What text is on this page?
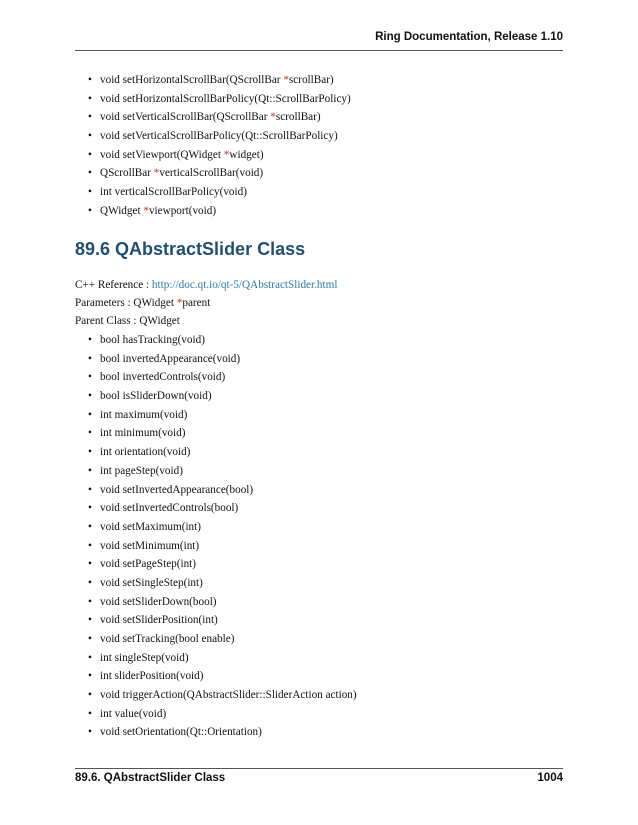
Ring Documentation, Release 1.10
• void setHorizontalScrollBar(QScrollBar *scrollBar)
• void setHorizontalScrollBarPolicy(Qt::ScrollBarPolicy)
• void setVerticalScrollBar(QScrollBar *scrollBar)
• void setVerticalScrollBarPolicy(Qt::ScrollBarPolicy)
• void setViewport(QWidget *widget)
• QScrollBar *verticalScrollBar(void)
• int verticalScrollBarPolicy(void)
• QWidget *viewport(void)
89.6 QAbstractSlider Class
C++ Reference : http://doc.qt.io/qt-5/QAbstractSlider.html
Parameters : QWidget *parent
Parent Class : QWidget
• bool hasTracking(void)
• bool invertedAppearance(void)
• bool invertedControls(void)
• bool isSliderDown(void)
• int maximum(void)
• int minimum(void)
• int orientation(void)
• int pageStep(void)
• void setInvertedAppearance(bool)
• void setInvertedControls(bool)
• void setMaximum(int)
• void setMinimum(int)
• void setPageStep(int)
• void setSingleStep(int)
• void setSliderDown(bool)
• void setSliderPosition(int)
• void setTracking(bool enable)
• int singleStep(void)
• int sliderPosition(void)
• void triggerAction(QAbstractSlider::SliderAction action)
• int value(void)
• void setOrientation(Qt::Orientation)
89.6. QAbstractSlider Class	1004
